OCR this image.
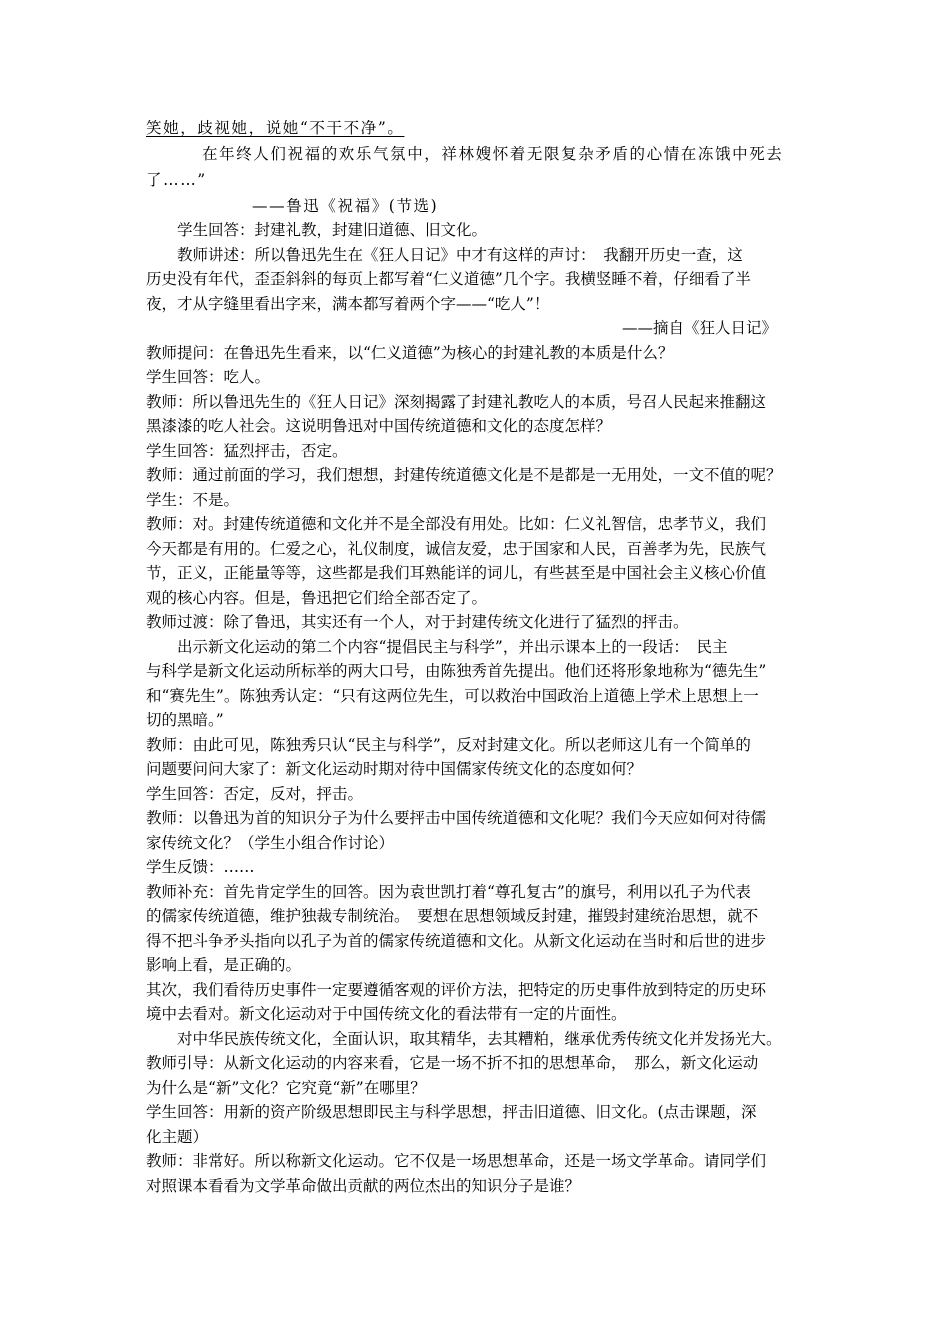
笑她，歧视她，说她“不干不净”。
在年终人们祝福的欢乐气氛中，祥林嫂怀着无限复杂矛盾的心情在冻饿中死去
了……”
——鲁迅《祝福》(节选)
学生回答：封建礼教，封建旧道德、旧文化。
教师讲述：所以鲁迅先生在《狂人日记》中才有这样的声讨：　我翻开历史一查，这
历史没有年代，歪歪斜斜的每页上都写着“仁义道德”几个字。我横竖睡不着，仔细看了半
夜，才从字缝里看出字来，满本都写着两个字——“吃人”！
——摘自《狂人日记》
教师提问：在鲁迅先生看来，以“仁义道德”为核心的封建礼教的本质是什么？
学生回答：吃人。
教师：所以鲁迅先生的《狂人日记》深刻揭露了封建礼教吃人的本质，号召人民起来推翻这
黑漆漆的吃人社会。这说明鲁迅对中国传统道德和文化的态度怎样？
学生回答：猛烈抨击，否定。
教师：通过前面的学习，我们想想，封建传统道德文化是不是都是一无用处，一文不值的呢？
学生：不是。
教师：对。封建传统道德和文化并不是全部没有用处。比如：仁义礼智信，忠孝节义，我们
今天都是有用的。仁爱之心，礼仪制度，诚信友爱，忠于国家和人民，百善孝为先，民族气
节，正义，正能量等等，这些都是我们耳熟能详的词儿，有些甚至是中国社会主义核心价值
观的核心内容。但是，鲁迅把它们给全部否定了。
教师过渡：除了鲁迅，其实还有一个人，对于封建传统文化进行了猛烈的抨击。
出示新文化运动的第二个内容“提倡民主与科学”，并出示课本上的一段话：　民主
与科学是新文化运动所标举的两大口号，由陈独秀首先提出。他们还将形象地称为“德先生”
和“赛先生”。陈独秀认定：“只有这两位先生，可以救治中国政治上道德上学术上思想上一
切的黑暗。”
教师：由此可见，陈独秀只认“民主与科学”，反对封建文化。所以老师这儿有一个简单的
问题要问问大家了：新文化运动时期对待中国儒家传统文化的态度如何？
学生回答：否定，反对，抨击。
教师：以鲁迅为首的知识分子为什么要抨击中国传统道德和文化呢？我们今天应如何对待儒
家传统文化？（学生小组合作讨论）
学生反馈：……
教师补充：首先肯定学生的回答。因为袁世凯打着“尊孔复古”的旗号，利用以孔子为代表
的儒家传统道德，维护独裁专制统治。　要想在思想领域反封建，摧毁封建统治思想，就不
得不把斗争矛头指向以孔子为首的儒家传统道德和文化。从新文化运动在当时和后世的进步
影响上看，是正确的。
其次，我们看待历史事件一定要遵循客观的评价方法，把特定的历史事件放到特定的历史环
境中去看对。新文化运动对于中国传统文化的看法带有一定的片面性。
对中华民族传统文化，全面认识，取其精华，去其糟粕，继承优秀传统文化并发扬光大。
教师引导：从新文化运动的内容来看，它是一场不折不扣的思想革命，　那么，新文化运动
为什么是“新”文化？它究竟“新”在哪里？
学生回答：用新的资产阶级思想即民主与科学思想，抨击旧道德、旧文化。(点击课题，深
化主题）
教师：非常好。所以称新文化运动。它不仅是一场思想革命，还是一场文学革命。请同学们
对照课本看看为文学革命做出贡献的两位杰出的知识分子是谁？
